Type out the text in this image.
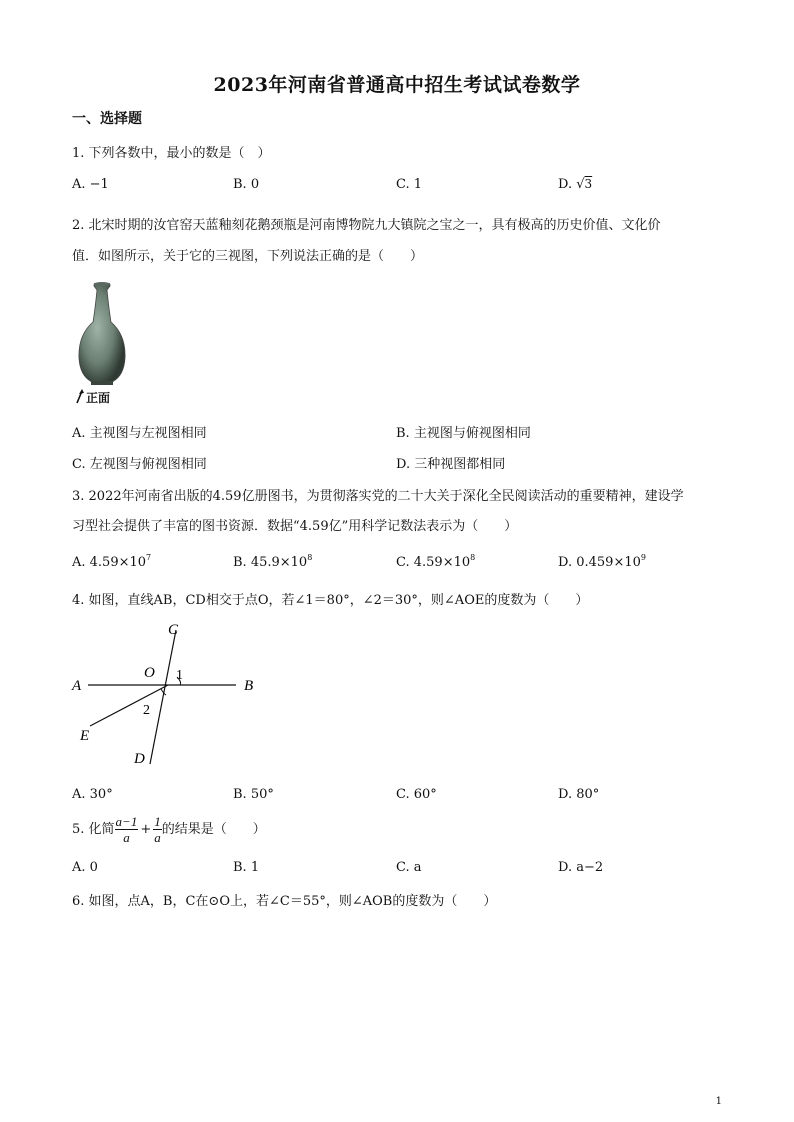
2023年河南省普通高中招生考试试卷数学
一、选择题
1. 下列各数中，最小的数是（　）
A. −1	B. 0	C. 1	D. √3
2. 北宋时期的汝官窑天蓝釉刻花鹅颈瓶是河南博物院九大镇院之宝之一，具有极高的历史价值、文化价
值．如图所示，关于它的三视图，下列说法正确的是（　　）
正面
A. 主视图与左视图相同	B. 主视图与俯视图相同
C. 左视图与俯视图相同	D. 三种视图都相同
3. 2022年河南省出版的4.59亿册图书，为贯彻落实党的二十大关于深化全民阅读活动的重要精神，建设学
习型社会提供了丰富的图书资源．数据“4.59亿”用科学记数法表示为（　　）
A. $4.59\times 10^7$	B. $45.9\times 10^8$	C. $4.59\times 10^8$	D. $0.459\times 10^9$
4. 如图，直线AB，CD相交于点O，若∠1＝80°，∠2＝30°，则∠AOE的度数为（　　）
C
O 1
A	B
2
E
D
A. 30°	B. 50°	C. 60°	D. 80°
5. 化简 $\frac{a-1}{a} + \frac{1}{a}$ 的结果是（　　）
A. 0	B. 1	C. a	D. a−2
6. 如图，点A，B，C在⊙O上，若∠C＝55°，则∠AOB的度数为（　　）
1
